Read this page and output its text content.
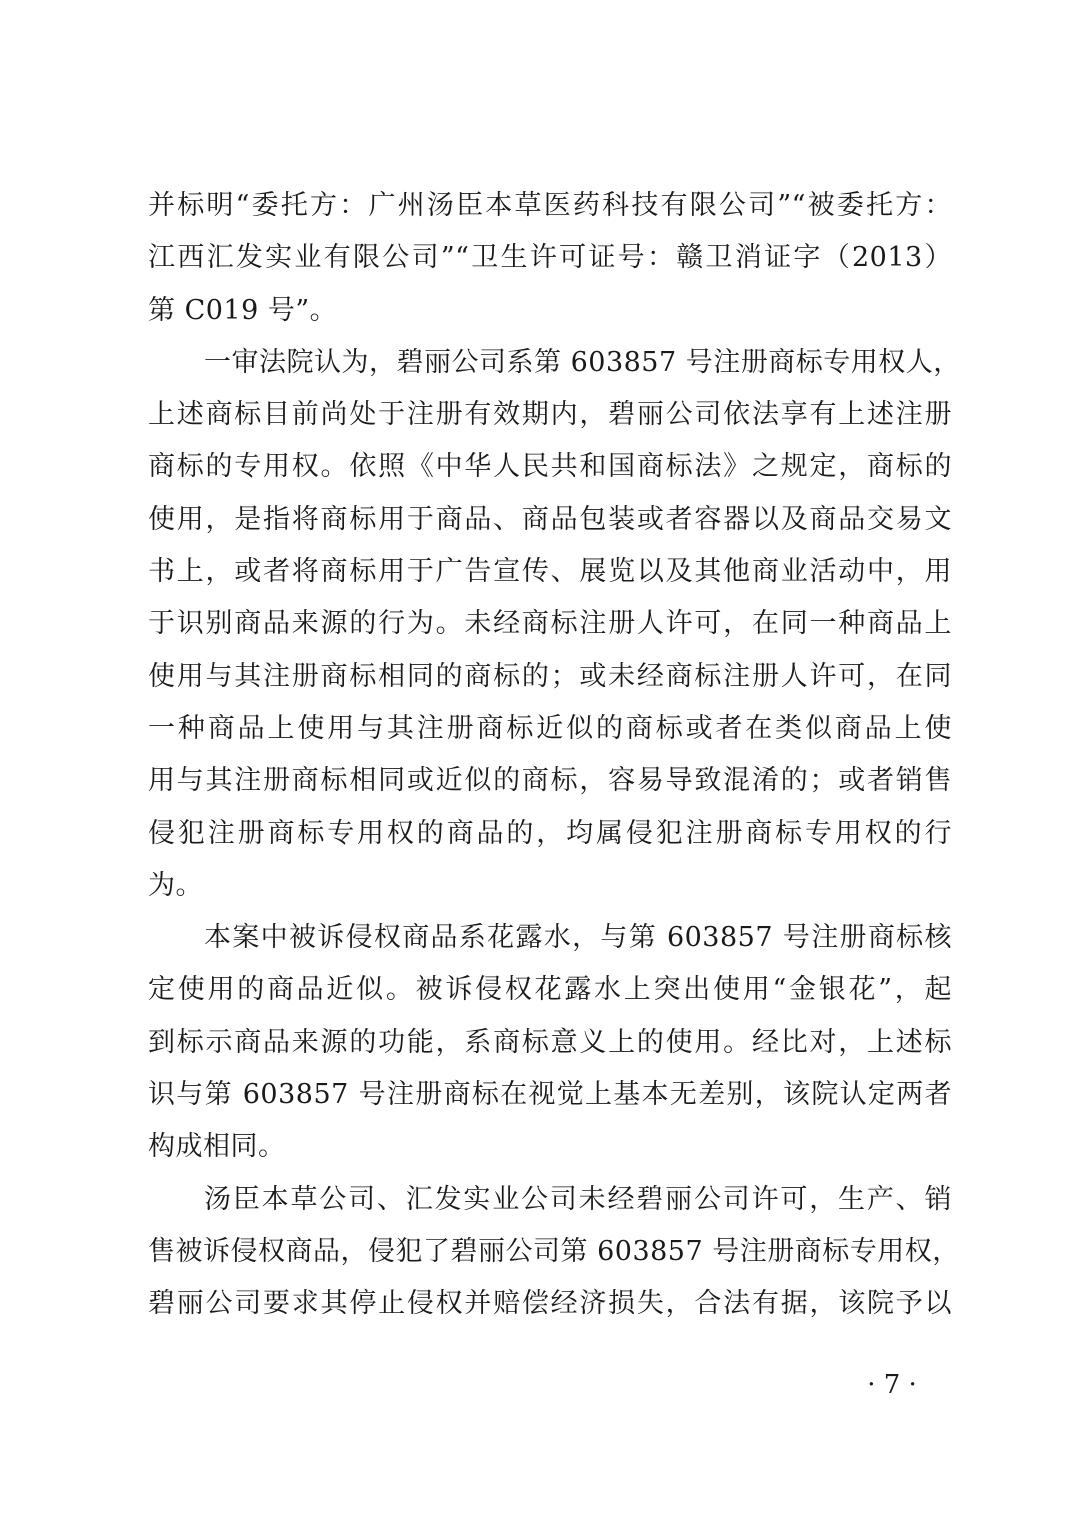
并标明“委托方：广州汤臣本草医药科技有限公司”“被委托方：
江西汇发实业有限公司”“卫生许可证号：赣卫消证字（2013）
第 C019 号”。
一审法院认为，碧丽公司系第 603857 号注册商标专用权人，
上述商标目前尚处于注册有效期内，碧丽公司依法享有上述注册
商标的专用权。依照《中华人民共和国商标法》之规定，商标的
使用，是指将商标用于商品、商品包装或者容器以及商品交易文
书上，或者将商标用于广告宣传、展览以及其他商业活动中，用
于识别商品来源的行为。未经商标注册人许可，在同一种商品上
使用与其注册商标相同的商标的；或未经商标注册人许可，在同
一种商品上使用与其注册商标近似的商标或者在类似商品上使
用与其注册商标相同或近似的商标，容易导致混淆的；或者销售
侵犯注册商标专用权的商品的，均属侵犯注册商标专用权的行
为。
本案中被诉侵权商品系花露水，与第 603857 号注册商标核
定使用的商品近似。被诉侵权花露水上突出使用“金银花”，起
到标示商品来源的功能，系商标意义上的使用。经比对，上述标
识与第 603857 号注册商标在视觉上基本无差别，该院认定两者
构成相同。
汤臣本草公司、汇发实业公司未经碧丽公司许可，生产、销
售被诉侵权商品，侵犯了碧丽公司第 603857 号注册商标专用权，
碧丽公司要求其停止侵权并赔偿经济损失，合法有据，该院予以
· 7 ·
